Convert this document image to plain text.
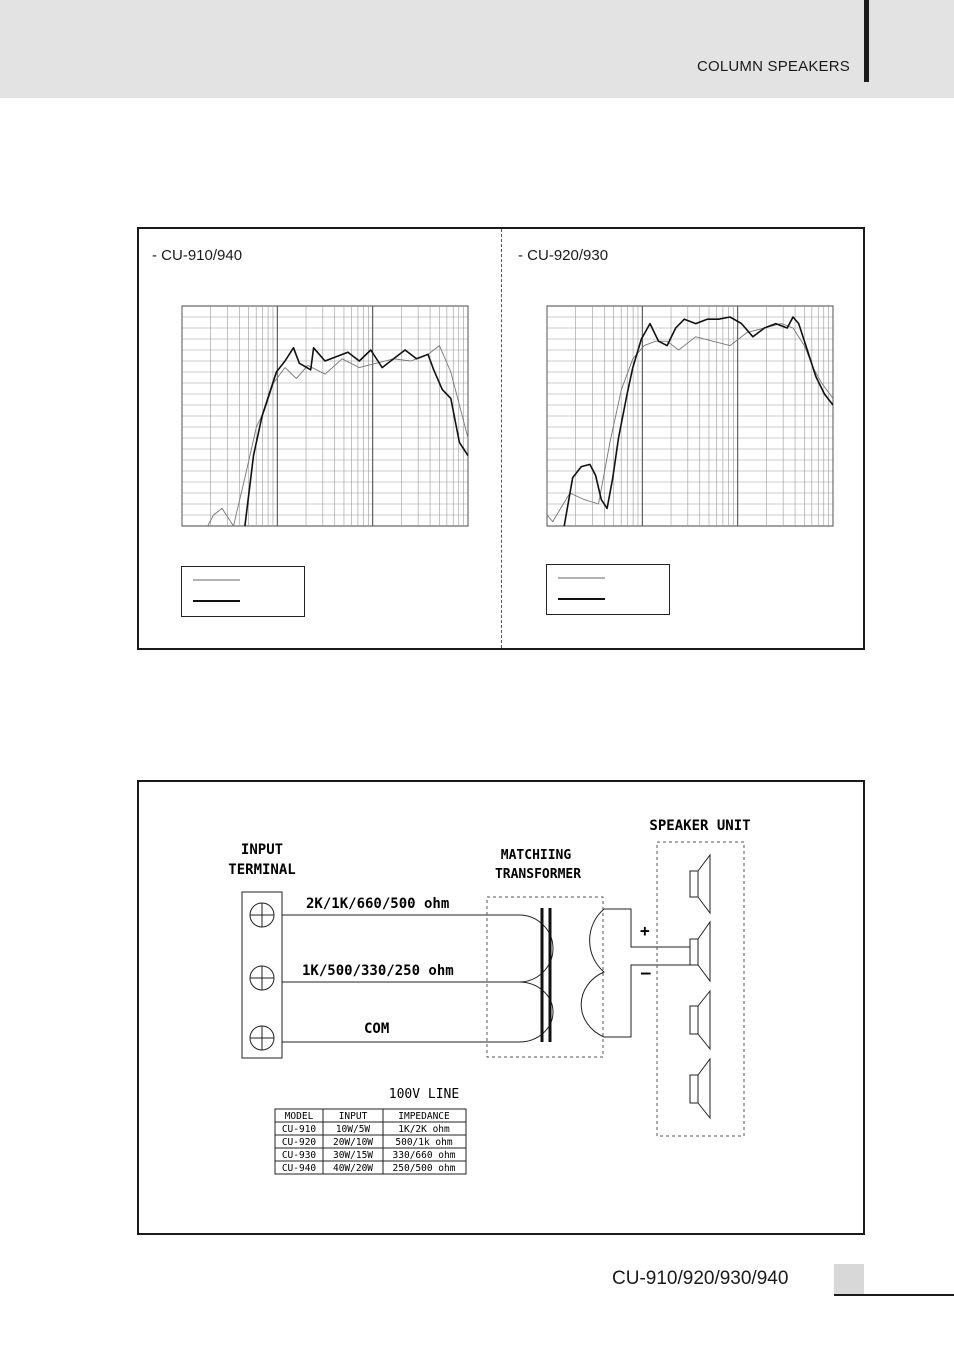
COLUMN SPEAKERS
- CU-910/940	- CU-920/930
INPUT
TERMINAL
MATCHIING
TRANSFORMER
SPEAKER UNIT
2K/1K/660/500 ohm
1K/500/330/250 ohm
COM
+
–
100V LINE
MODEL	INPUT	IMPEDANCE
CU-910 10W/5W	1K/2K ohm
CU-920 20W/10W 500/1k ohm
CU-930 30W/15W 330/660 ohm
CU-940 40W/20W 250/500 ohm
CU-910/920/930/940
